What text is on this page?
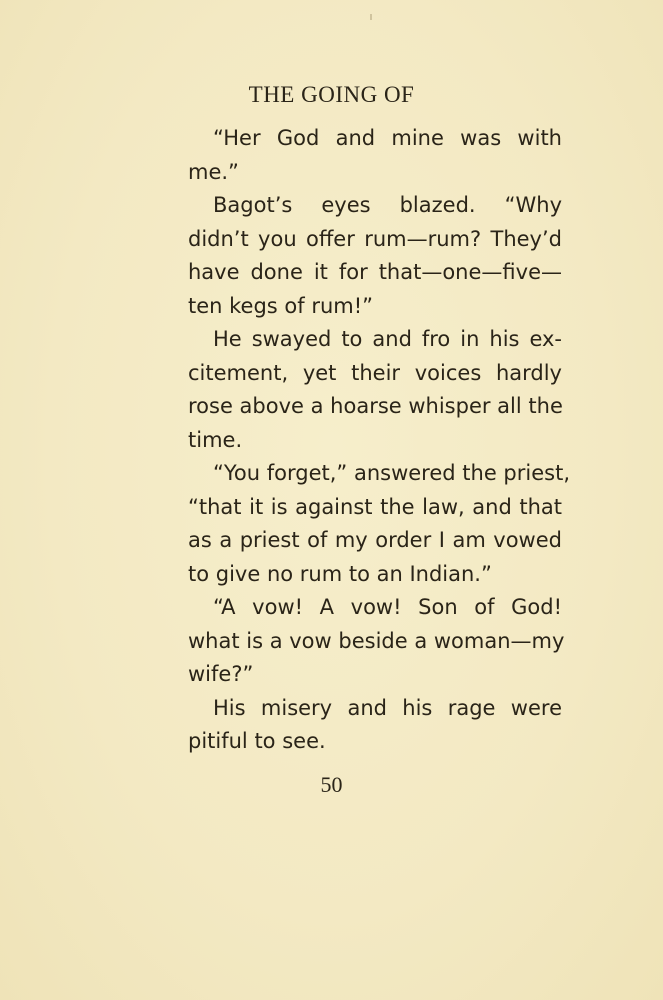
THE GOING OF
“Her God and mine was with
me.”
Bagot’s eyes blazed. “Why
didn’t you offer rum—rum? They’d
have done it for that—one—five—
ten kegs of rum!”
He swayed to and fro in his ex-
citement, yet their voices hardly
rose above a hoarse whisper all the
time.
“You forget,” answered the priest,
“that it is against the law, and that
as a priest of my order I am vowed
to give no rum to an Indian.”
“A vow! A vow! Son of God!
what is a vow beside a woman—my
wife?”
His misery and his rage were
pitiful to see.
50
